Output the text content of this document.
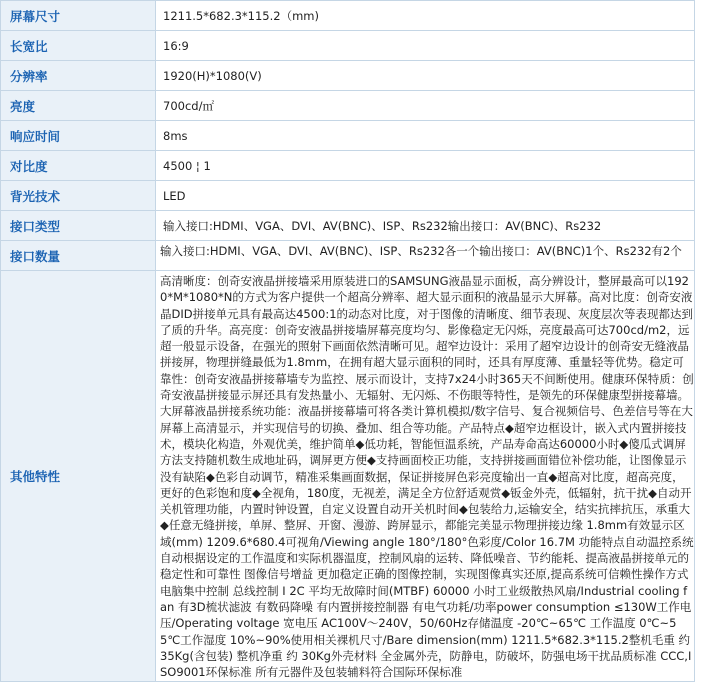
屏幕尺寸	1211.5*682.3*115.2（mm)
长宽比	16:9
分辨率	1920(H)*1080(V)
亮度	700cd/㎡
响应时间	8ms
对比度	4500 ¦ 1
背光技术	LED
接口类型	输入接口:HDMI、VGA、DVI、AV(BNC)、ISP、Rs232输出接口：AV(BNC)、Rs232
接口数量	输入接口:HDMI、VGA、DVI、AV(BNC)、ISP、Rs232各一个输出接口：AV(BNC)1个、Rs232有2个
其他特性	高清晰度：创奇安液晶拼接墙采用原装进口的SAMSUNG液晶显示面板，高分辨设计，整屏最高可以1920*M*1080*N的方式为客户提供一个超高分辨率、超大显示面积的液晶显示大屏幕。高对比度：创奇安液晶DID拼接单元具有最高达4500:1的动态对比度，对于图像的清晰度、细节表现、灰度层次等表现都达到了质的升华。高亮度：创奇安液晶拼接墙屏幕亮度均匀、影像稳定无闪烁，亮度最高可达700cd/m2，远超一般显示设备，在强光的照射下画面依然清晰可见。超窄边设计：采用了超窄边设计的创奇安无缝液晶拼接屏，物理拼缝最低为1.8mm，在拥有超大显示面积的同时，还具有厚度薄、重量轻等优势。稳定可靠性：创奇安液晶拼接幕墙专为监控、展示而设计，支持7x24小时365天不间断使用。健康环保特质：创奇安液晶拼接显示屏还具有发热量小、无辐射、无闪烁、不伤眼等特性，是领先的环保健康型拼接幕墙。大屏幕液晶拼接系统功能：液晶拼接幕墙可将各类计算机模拟/数字信号、复合视频信号、色差信号等在大屏幕上高清显示，并实现信号的切换、叠加、组合等功能。产品特点◆超窄边框设计，嵌入式内置拼接技术，模块化构造，外观优美，维护简单◆低功耗，智能恒温系统，产品寿命高达60000小时◆傻瓜式调屏方法支持随机数生成地址码，调屏更方便◆支持画面校正功能，支持拼接画面错位补偿功能，让图像显示没有缺陷◆色彩自动调节，精准采集画面数据，保证拼接屏色彩亮度输出一直◆超高对比度，超高亮度，更好的色彩饱和度◆全视角，180度，无视差，满足全方位舒适观赏◆钣金外壳，低辐射，抗干扰◆自动开关机管理功能，内置时钟设置，自定义设置自动开关机时间◆包装给力,运输安全，结实抗摔抗压，承重大◆任意无缝拼接，单屏、整屏、开窗、漫游、跨屏显示，都能完美显示物理拼接边缘 1.8mm有效显示区域(mm) 1209.6*680.4可视角/Viewing angle 180°/180°色彩度/Color 16.7M 功能特点自动温控系统 自动根据设定的工作温度和实际机器温度，控制风扇的运转、降低噪音、节约能耗、提高液晶拼接单元的稳定性和可靠性 图像信号增益 更加稳定正确的图像控制，实现图像真实还原,提高系统可信赖性操作方式 电脑集中控制 总线控制 I 2C 平均无故障时间(MTBF) 60000 小时工业级散热风扇/Industrial cooling fan 有3D梳状滤波 有数码降噪 有内置拼接控制器 有电气功耗/功率power consumption ≤130W工作电压/Operating voltage 宽电压 AC100V～240V，50/60Hz存储温度 -20℃~65℃ 工作温度 0℃~55℃工作湿度 10%~90%使用相关裸机尺寸/Bare dimension(mm) 1211.5*682.3*115.2整机毛重 约 35Kg(含包装) 整机净重 约 30Kg外壳材料 全金属外壳，防静电，防破坏，防强电场干扰品质标准 CCC,ISO9001环保标准 所有元器件及包装辅料符合国际环保标准
